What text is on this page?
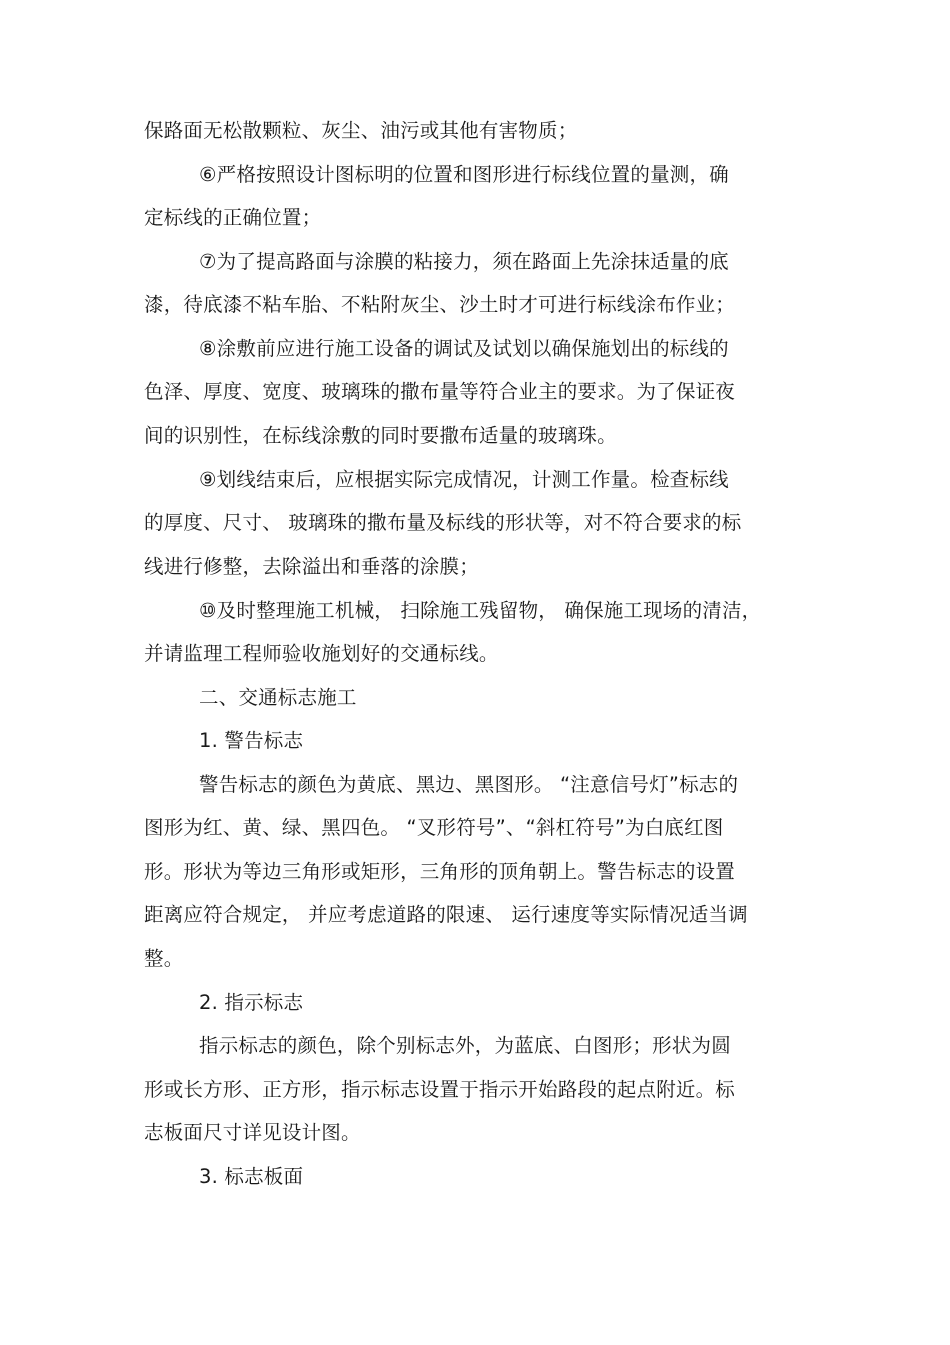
保路面无松散颗粒、灰尘、油污或其他有害物质；
⑥严格按照设计图标明的位置和图形进行标线位置的量测，确
定标线的正确位置；
⑦为了提高路面与涂膜的粘接力，须在路面上先涂抹适量的底
漆，待底漆不粘车胎、不粘附灰尘、沙土时才可进行标线涂布作业；
⑧涂敷前应进行施工设备的调试及试划以确保施划出的标线的
色泽、厚度、宽度、玻璃珠的撒布量等符合业主的要求。为了保证夜
间的识别性，在标线涂敷的同时要撒布适量的玻璃珠。
⑨划线结束后，应根据实际完成情况，计测工作量。检查标线
的厚度、尺寸、 玻璃珠的撒布量及标线的形状等，对不符合要求的标
线进行修整，去除溢出和垂落的涂膜；
⑩及时整理施工机械， 扫除施工残留物， 确保施工现场的清洁，
并请监理工程师验收施划好的交通标线。
二、交通标志施工
1. 警告标志
警告标志的颜色为黄底、黑边、黑图形。 “注意信号灯”标志的
图形为红、黄、绿、黑四色。 “叉形符号”、“斜杠符号”为白底红图
形。形状为等边三角形或矩形，三角形的顶角朝上。警告标志的设置
距离应符合规定， 并应考虑道路的限速、 运行速度等实际情况适当调
整。
2. 指示标志
指示标志的颜色，除个别标志外，为蓝底、白图形；形状为圆
形或长方形、正方形，指示标志设置于指示开始路段的起点附近。标
志板面尺寸详见设计图。
3. 标志板面
